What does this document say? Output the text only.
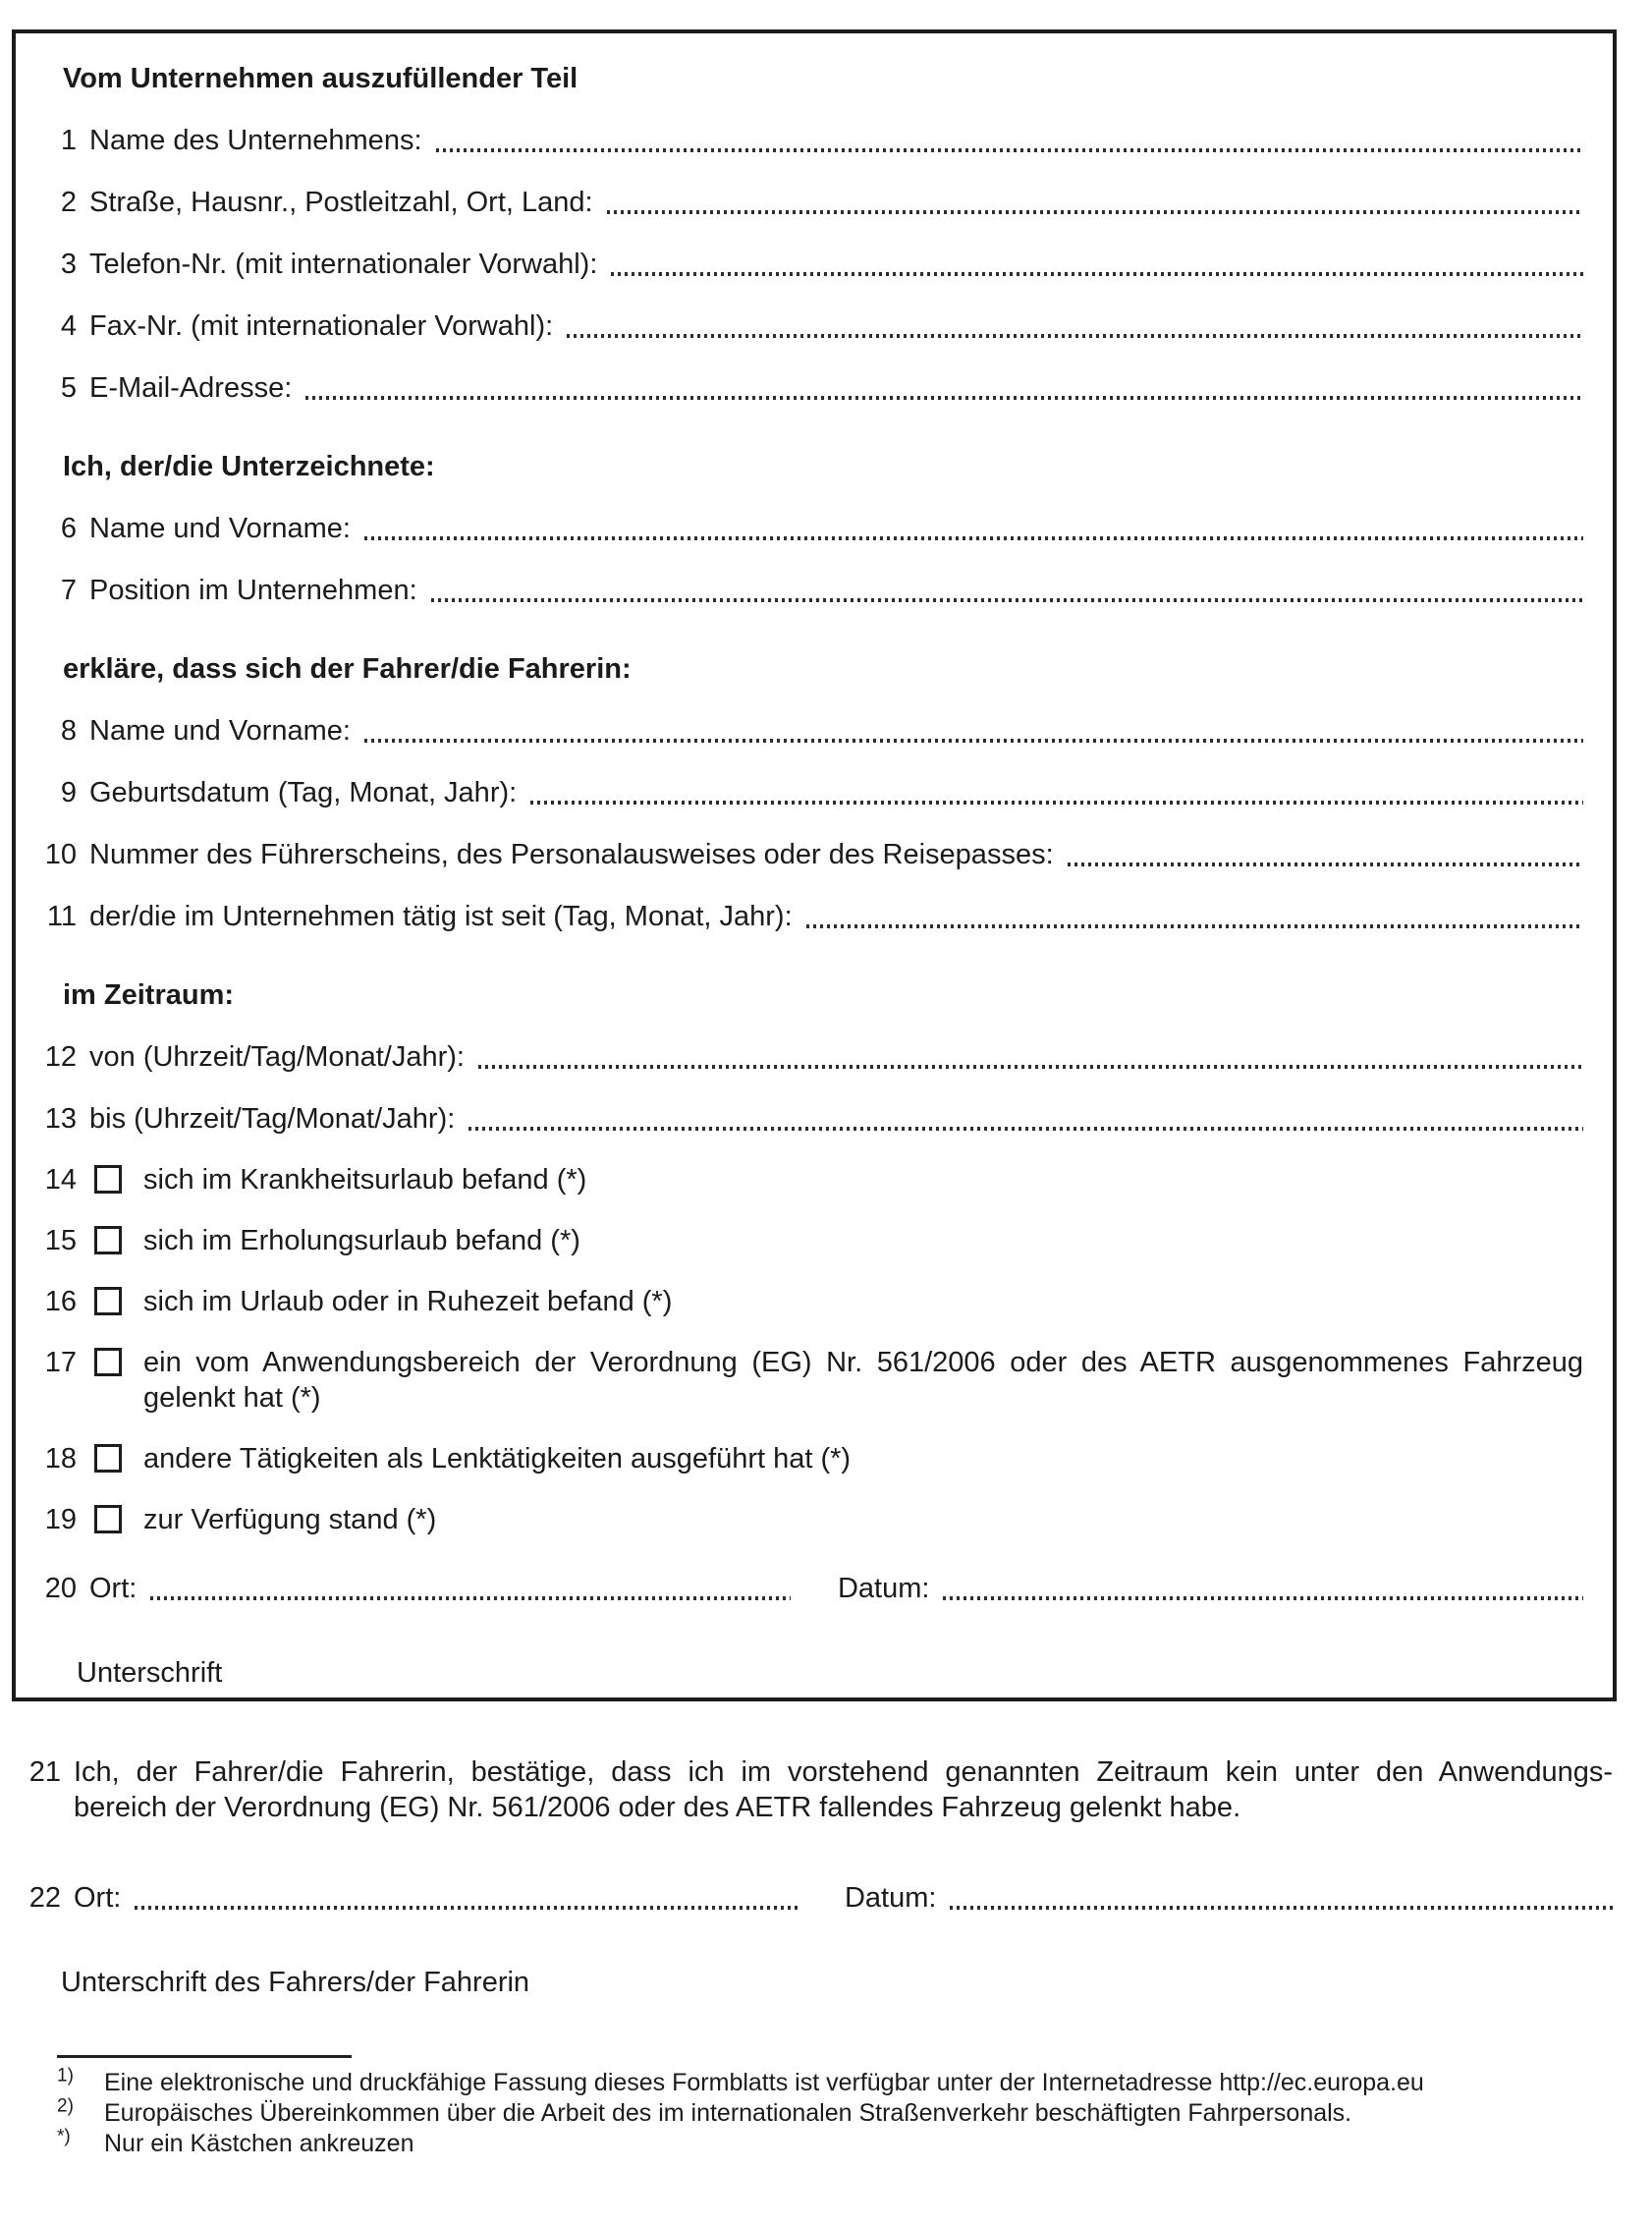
Vom Unternehmen auszufüllender Teil
1 Name des Unternehmens:
2 Straße, Hausnr., Postleitzahl, Ort, Land:
3 Telefon-Nr. (mit internationaler Vorwahl):
4 Fax-Nr. (mit internationaler Vorwahl):
5 E-Mail-Adresse:
Ich, der/die Unterzeichnete:
6 Name und Vorname:
7 Position im Unternehmen:
erkläre, dass sich der Fahrer/die Fahrerin:
8 Name und Vorname:
9 Geburtsdatum (Tag, Monat, Jahr):
10 Nummer des Führerscheins, des Personalausweises oder des Reisepasses:
11 der/die im Unternehmen tätig ist seit (Tag, Monat, Jahr):
im Zeitraum:
12 von (Uhrzeit/Tag/Monat/Jahr):
13 bis (Uhrzeit/Tag/Monat/Jahr):
14 sich im Krankheitsurlaub befand (*)
15 sich im Erholungsurlaub befand (*)
16 sich im Urlaub oder in Ruhezeit befand (*)
17 ein vom Anwendungsbereich der Verordnung (EG) Nr. 561/2006 oder des AETR ausgenommenes Fahrzeug
gelenkt hat (*)
18 andere Tätigkeiten als Lenktätigkeiten ausgeführt hat (*)
19 zur Verfügung stand (*)
20 Ort:	Datum:
Unterschrift
21 Ich, der Fahrer/die Fahrerin, bestätige, dass ich im vorstehend genannten Zeitraum kein unter den Anwendungs-
bereich der Verordnung (EG) Nr. 561/2006 oder des AETR fallendes Fahrzeug gelenkt habe.
22 Ort:	Datum:
Unterschrift des Fahrers/der Fahrerin
$^{1)}$	Eine elektronische und druckfähige Fassung dieses Formblatts ist verfügbar unter der Internetadresse http://ec.europa.eu
$^{2)}$	Europäisches Übereinkommen über die Arbeit des im internationalen Straßenverkehr beschäftigten Fahrpersonals.
*)	Nur ein Kästchen ankreuzen
